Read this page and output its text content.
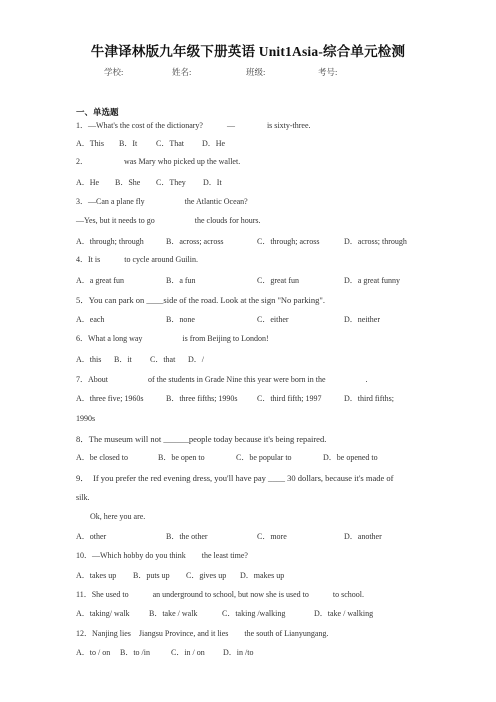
牛津译林版九年级下册英语 Unit1Asia-综合单元检测
学校:	姓名:	班级:	考号:
一、单选题
1．—What's the cost of the dictionary?　　　—　　　　is sixty-three.
A．This B．It C．That D．He
2．　　　　　was Mary who picked up the wallet.
A．He B．She C．They D．It
3．—Can a plane fly　　　　　the Atlantic Ocean?
—Yes, but it needs to go　　　　　the clouds for hours.
A．through; through	B．across; across	C．through; across	D．across; through
4．It is　　　to cycle around Guilin.
A．a great fun	B．a fun	C．great fun	D．a great funny
5．You can park on ____side of the road. Look at the sign "No parking".
A．each	B．none	C．either	D．neither
6．What a long way　　　　　is from Beijing to London!
A．this B．it C．that D．/
7．About　　　　　of the students in Grade Nine this year were born in the　　　　　.
A．three five; 1960s	B．three fifths; 1990s C．third fifth; 1997	D．third fifths;
1990s
8．The museum will not ______people today because it's being repaired.
A．be closed to	B．be open to	C．be popular to	D．be opened to
9．　If you prefer the red evening dress, you'll have pay ____ 30 dollars, because it's made of
silk.
Ok, here you are.
A．other	B．the other	C．more	D．another
10．—Which hobby do you think　　the least time?
A．takes up B．puts up C．gives up D．makes up
11．She used to　　　an underground to school, but now she is used to　　　to school.
A．taking/ walk B．take / walk	C．taking /walking	D．take / walking
12．Nanjing lies　Jiangsu Province, and it lies　　the south of Lianyungang.
A．to / on B．to /in	C．in / on D．in /to
